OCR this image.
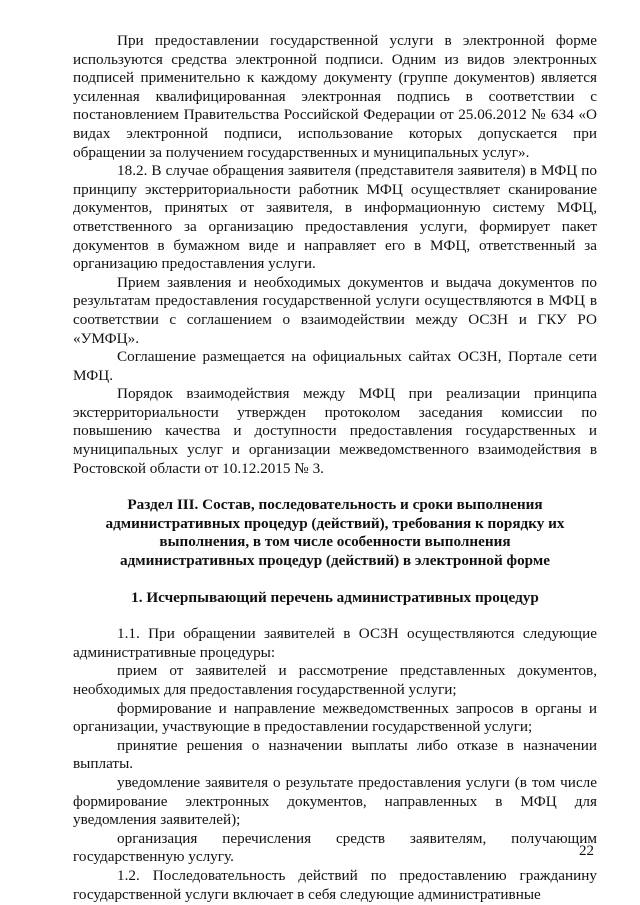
При предоставлении государственной услуги в электронной форме используются средства электронной подписи. Одним из видов электронных подписей применительно к каждому документу (группе документов) является усиленная квалифицированная электронная подпись в соответствии с постановлением Правительства Российской Федерации от 25.06.2012 № 634 «О видах электронной подписи, использование которых допускается при обращении за получением государственных и муниципальных услуг».

18.2. В случае обращения заявителя (представителя заявителя) в МФЦ по принципу экстерриториальности работник МФЦ осуществляет сканирование документов, принятых от заявителя, в информационную систему МФЦ, ответственного за организацию предоставления услуги, формирует пакет документов в бумажном виде и направляет его в МФЦ, ответственный за организацию предоставления услуги.

Прием заявления и необходимых документов и выдача документов по результатам предоставления государственной услуги осуществляются в МФЦ в соответствии с соглашением о взаимодействии между ОСЗН и ГКУ РО «УМФЦ».

Соглашение размещается на официальных сайтах ОСЗН, Портале сети МФЦ.

Порядок взаимодействия между МФЦ при реализации принципа экстерриториальности утвержден протоколом заседания комиссии по повышению качества и доступности предоставления государственных и муниципальных услуг и организации межведомственного взаимодействия в Ростовской области от 10.12.2015 № 3.

Раздел III. Состав, последовательность и сроки выполнения административных процедур (действий), требования к порядку их выполнения, в том числе особенности выполнения административных процедур (действий) в электронной форме

1. Исчерпывающий перечень административных процедур

1.1. При обращении заявителей в ОСЗН осуществляются следующие административные процедуры:

прием от заявителей и рассмотрение представленных документов, необходимых для предоставления государственной услуги;

формирование и направление межведомственных запросов в органы и организации, участвующие в предоставлении государственной услуги;

принятие решения о назначении выплаты либо отказе в назначении выплаты.

уведомление заявителя о результате предоставления услуги (в том числе формирование электронных документов, направленных в МФЦ для уведомления заявителей);

организация перечисления средств заявителям, получающим государственную услугу.

1.2. Последовательность действий по предоставлению гражданину государственной услуги включает в себя следующие административные

22
